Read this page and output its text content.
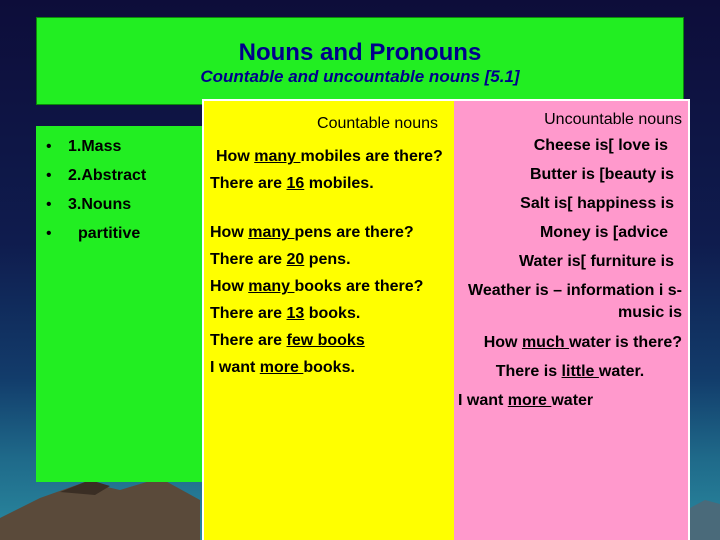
Nouns and Pronouns
Countable and uncountable nouns [5.1]
• 1.Mass
• 2.Abstract
• 3.Nouns
• partitive
Countable nouns
How many mobiles are there?
There are 16 mobiles.
How many pens are there?
There are 20 pens.
How many books are there?
There are 13 books.
There are few books
I want more books.
Uncountable nouns
Cheese is[ love is
Butter is [beauty is
Salt is[ happiness is
Money is [advice
Water is[ furniture is
Weather is – information i s- music is
How much water is there?
There is little water.
I want more water
